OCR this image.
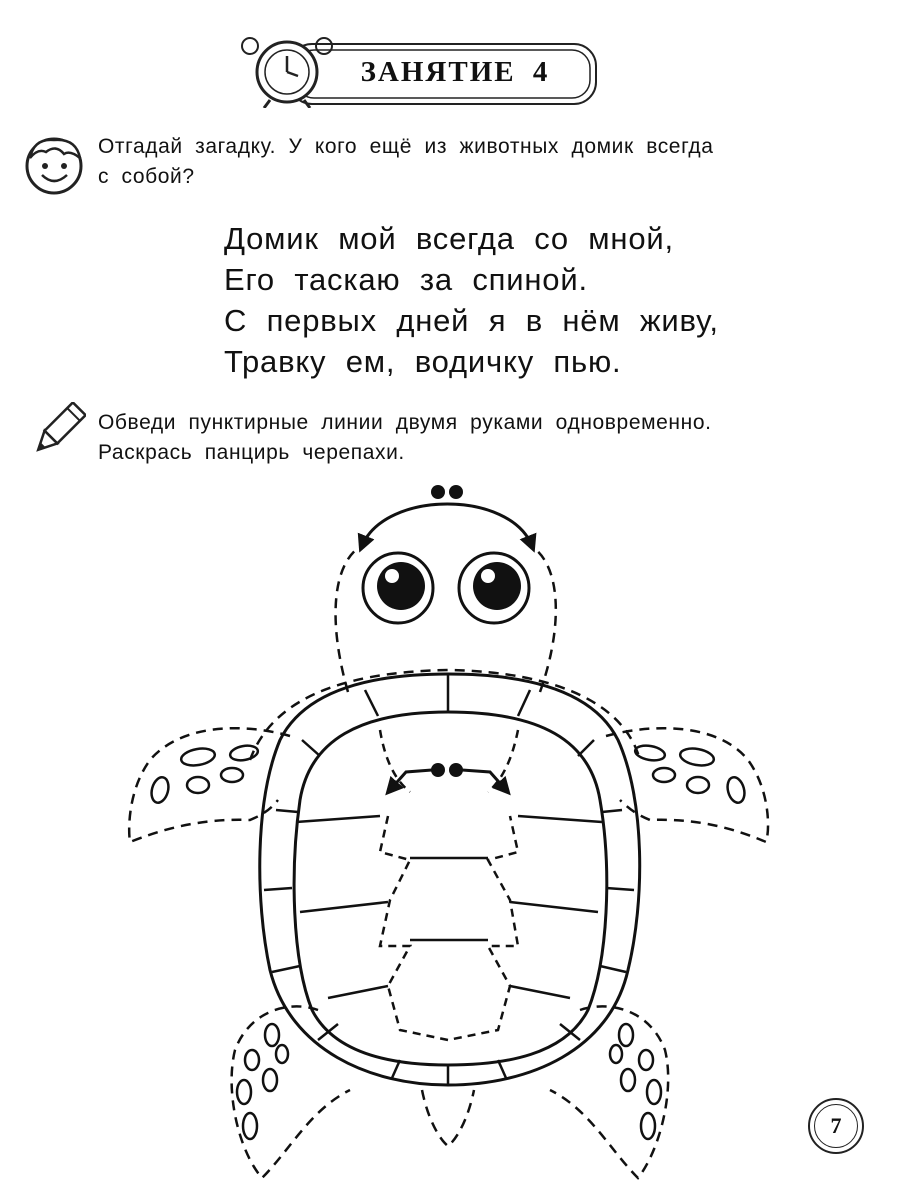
ЗАНЯТИЕ 4
Отгадай загадку. У кого ещё из животных домик всегда
с собой?
Домик мой всегда со мной,
Его таскаю за спиной.
С первых дней я в нём живу,
Травку ем, водичку пью.
Обведи пунктирные линии двумя руками одновременно.
Раскрась панцирь черепахи.
7
